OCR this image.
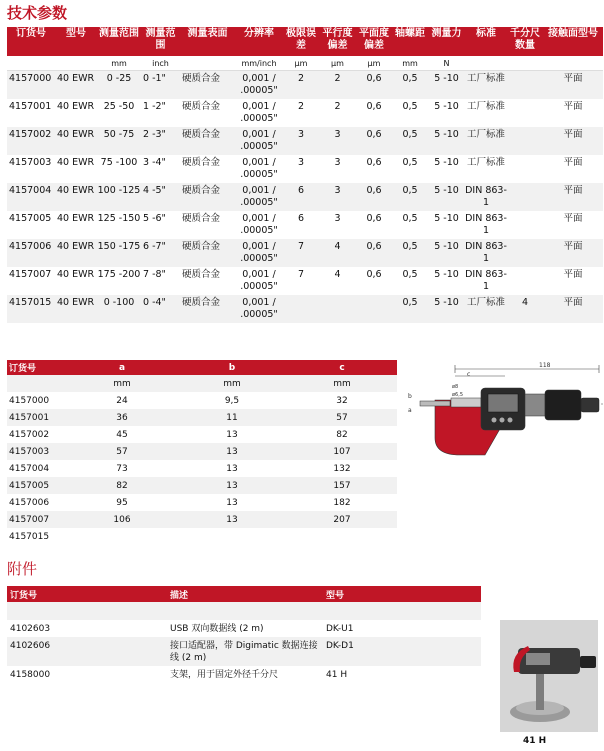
技术参数
订货号	型号	测量范围	测量范围	测量表面	分辨率	极限误差	平行度偏差	平面度偏差	轴螺距	测量力	标准	千分尺数量	接触面型号
		mm	inch		mm/inch	µm	µm	µm	mm	N			
4157000	40 EWR	0 -25	0 -1"	硬质合金	0,001 / .00005"	2	2	0,6	0,5	5 -10	工厂标准		平面
4157001	40 EWR	25 -50	1 -2"	硬质合金	0,001 / .00005"	2	2	0,6	0,5	5 -10	工厂标准		平面
4157002	40 EWR	50 -75	2 -3"	硬质合金	0,001 / .00005"	3	3	0,6	0,5	5 -10	工厂标准		平面
4157003	40 EWR	75 -100	3 -4"	硬质合金	0,001 / .00005"	3	3	0,6	0,5	5 -10	工厂标准		平面
4157004	40 EWR	100 -125	4 -5"	硬质合金	0,001 / .00005"	6	3	0,6	0,5	5 -10	DIN 863-1		平面
4157005	40 EWR	125 -150	5 -6"	硬质合金	0,001 / .00005"	6	3	0,6	0,5	5 -10	DIN 863-1		平面
4157006	40 EWR	150 -175	6 -7"	硬质合金	0,001 / .00005"	7	4	0,6	0,5	5 -10	DIN 863-1		平面
4157007	40 EWR	175 -200	7 -8"	硬质合金	0,001 / .00005"	7	4	0,6	0,5	5 -10	DIN 863-1		平面
4157015	40 EWR	0 -100	0 -4"	硬质合金	0,001 / .00005"				0,5	5 -10	工厂标准	4	平面
订货号	a	b	c
	mm	mm	mm
4157000	24	9,5	32
4157001	36	11	57
4157002	45	13	82
4157003	57	13	107
4157004	73	13	132
4157005	82	13	157
4157006	95	13	182
4157007	106	13	207
4157015			
118
c
b
a
ø6,5
ø8
附件
订货号	描述	型号

4102603	USB 双向数据线 (2 m)	DK-U1
4102606	接口适配器，带 Digimatic 数据连接线 (2 m)	DK-D1
4158000	支架，用于固定外径千分尺	41 H
41 H
